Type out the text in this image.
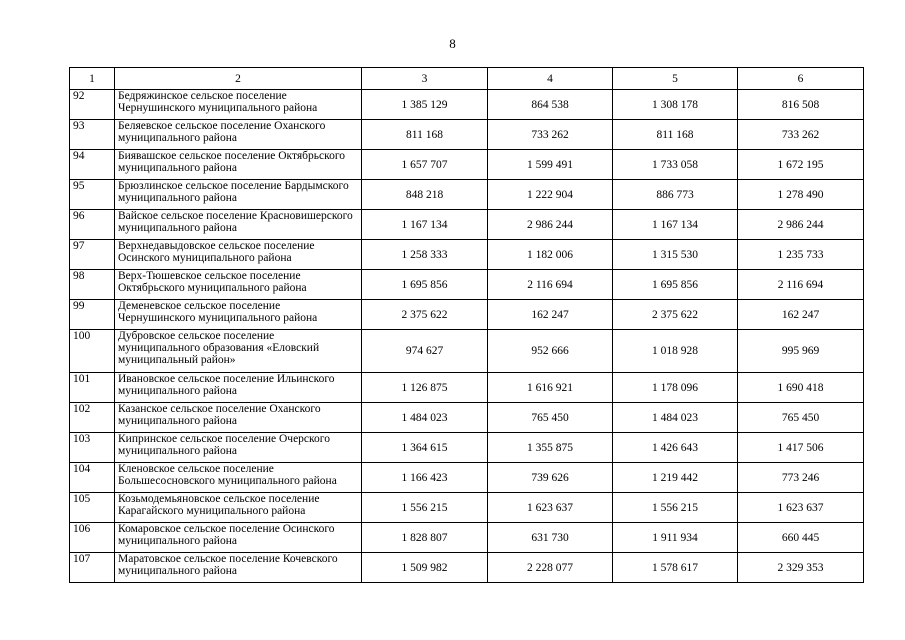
8
1	2	3	4	5	6
92	Бедряжинское сельское поселение Чернушинского муниципального района	1 385 129	864 538	1 308 178	816 508
93	Беляевское сельское поселение Оханского муниципального района	811 168	733 262	811 168	733 262
94	Биявашское сельское поселение Октябрьского муниципального района	1 657 707	1 599 491	1 733 058	1 672 195
95	Брюзлинское сельское поселение Бардымского муниципального района	848 218	1 222 904	886 773	1 278 490
96	Вайское сельское поселение Красновишерского муниципального района	1 167 134	2 986 244	1 167 134	2 986 244
97	Верхнедавыдовское сельское поселение Осинского муниципального района	1 258 333	1 182 006	1 315 530	1 235 733
98	Верх-Тюшевское сельское поселение Октябрьского муниципального района	1 695 856	2 116 694	1 695 856	2 116 694
99	Деменевское сельское поселение Чернушинского муниципального района	2 375 622	162 247	2 375 622	162 247
100	Дубровское сельское поселение муниципального образования «Еловский муниципальный район»	974 627	952 666	1 018 928	995 969
101	Ивановское сельское поселение Ильинского муниципального района	1 126 875	1 616 921	1 178 096	1 690 418
102	Казанское сельское поселение Оханского муниципального района	1 484 023	765 450	1 484 023	765 450
103	Кипринское сельское поселение Очерского муниципального района	1 364 615	1 355 875	1 426 643	1 417 506
104	Кленовское сельское поселение Большесосновского муниципального района	1 166 423	739 626	1 219 442	773 246
105	Козьмодемьяновское сельское поселение Карагайского муниципального района	1 556 215	1 623 637	1 556 215	1 623 637
106	Комаровское сельское поселение Осинского муниципального района	1 828 807	631 730	1 911 934	660 445
107	Маратовское сельское поселение Кочевского муниципального района	1 509 982	2 228 077	1 578 617	2 329 353
